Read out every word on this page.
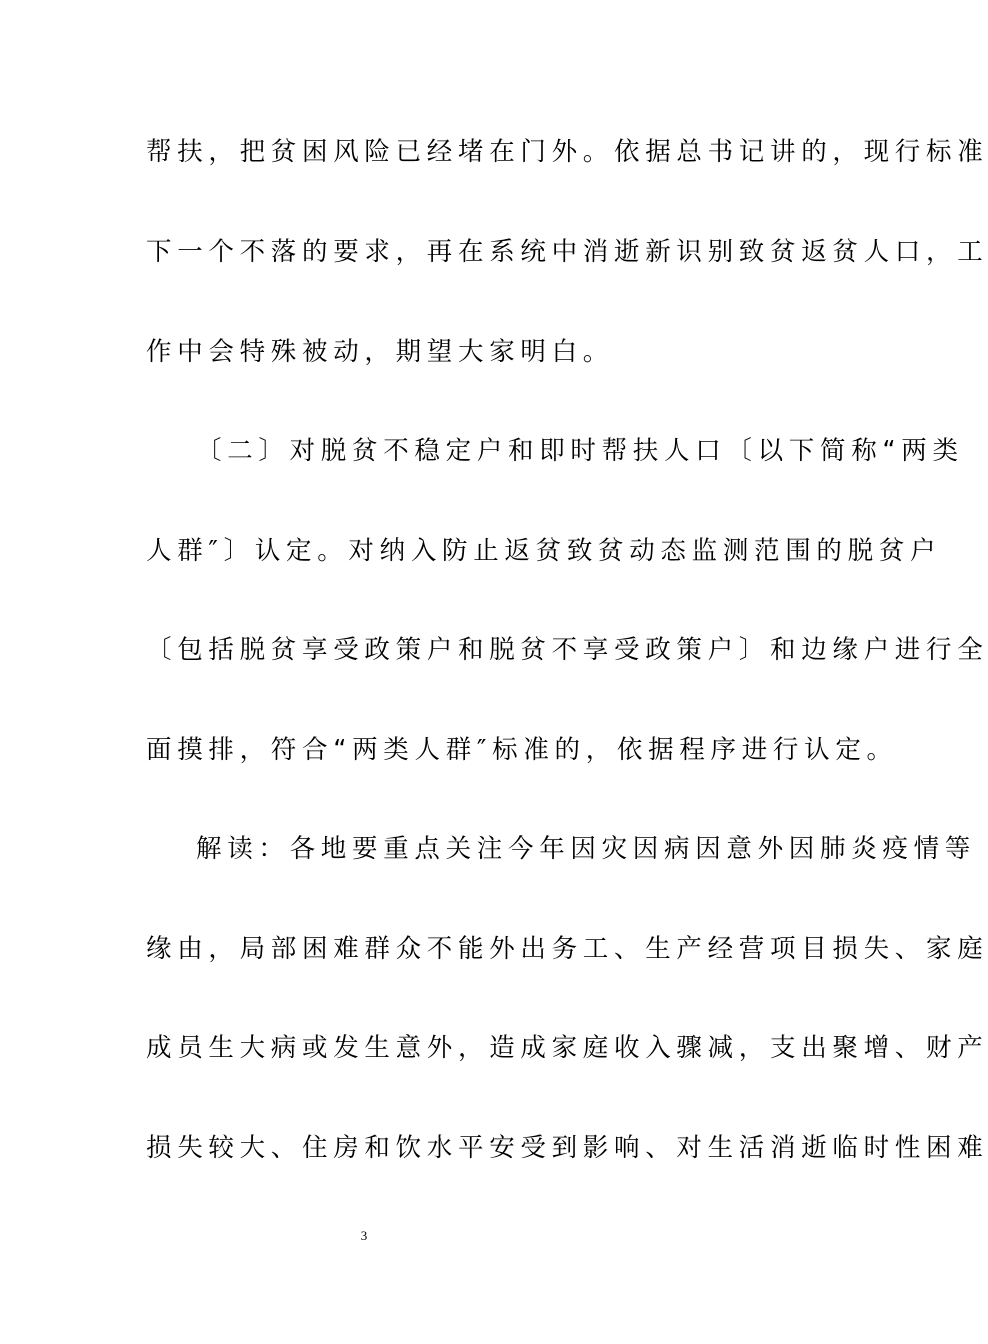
帮扶，把贫困风险已经堵在门外。依据总书记讲的，现行标准
下一个不落的要求，再在系统中消逝新识别致贫返贫人口，工
作中会特殊被动，期望大家明白。
〔二〕对脱贫不稳定户和即时帮扶人口〔以下简称“两类
人群″〕认定。对纳入防止返贫致贫动态监测范围的脱贫户
〔包括脱贫享受政策户和脱贫不享受政策户〕和边缘户进行全
面摸排，符合“两类人群″标准的，依据程序进行认定。
解读：各地要重点关注今年因灾因病因意外因肺炎疫情等
缘由，局部困难群众不能外出务工、生产经营项目损失、家庭
成员生大病或发生意外，造成家庭收入骤减，支出聚增、财产
损失较大、住房和饮水平安受到影响、对生活消逝临时性困难
3
